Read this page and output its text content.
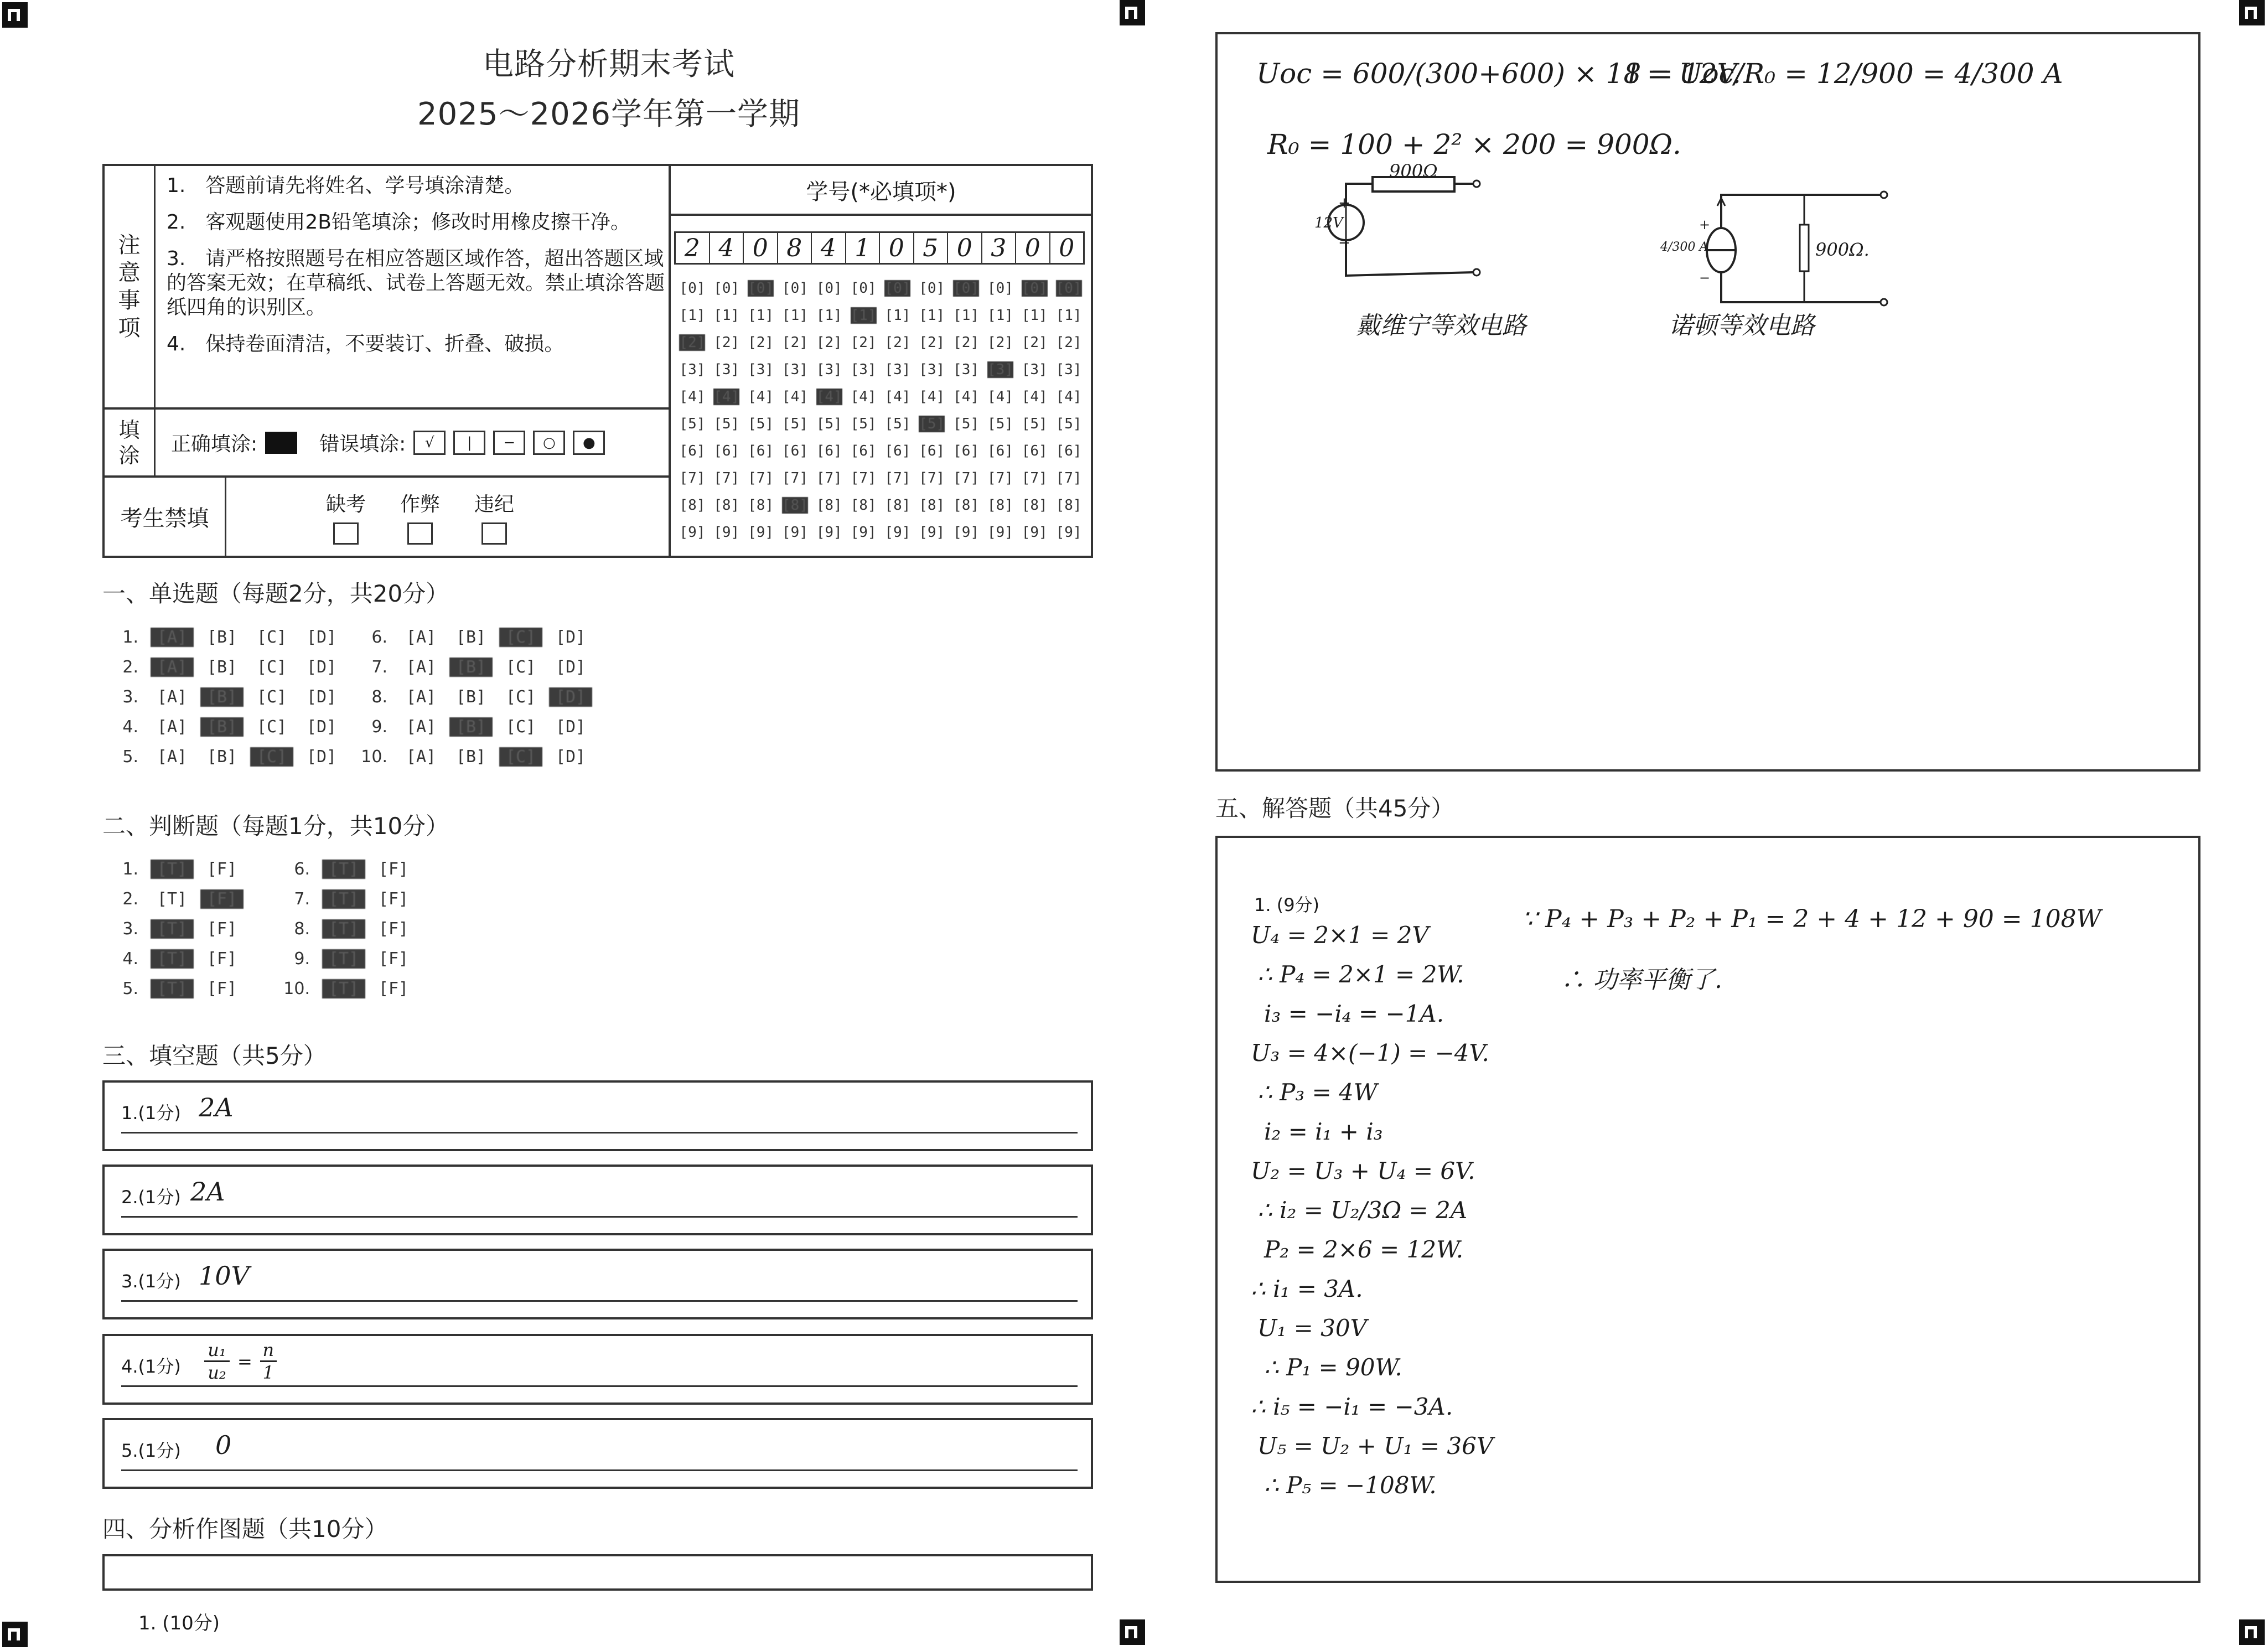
电路分析期末考试
2025～2026学年第一学期
注
意
事
项

1.　答题前请先将姓名、学号填涂清楚。

2.　客观题使用2B铅笔填涂；修改时用橡皮擦干净。

3.　请严格按照题号在相应答题区域作答，超出答题区域的答案无效；在草稿纸、试卷上答题无效。禁止填涂答题纸四角的识别区。

4.　保持卷面清洁，不要装订、折叠、破损。

填
涂 正确填涂:	错误填涂:	√	|	−	○	●
考生禁填
缺考 作弊 违纪
学号(*必填项*)
2 4 0 8 4 1 0 5 0 3 0 0
[0] [0] [0] [0] [0] [0] [0] [0] [0] [0] [0] [0]
[1] [1] [1] [1] [1] [1] [1] [1] [1] [1] [1] [1]
[2] [2] [2] [2] [2] [2] [2] [2] [2] [2] [2] [2]
[3] [3] [3] [3] [3] [3] [3] [3] [3] [3] [3] [3]
[4] [4] [4] [4] [4] [4] [4] [4] [4] [4] [4] [4]
[5] [5] [5] [5] [5] [5] [5] [5] [5] [5] [5] [5]
[6] [6] [6] [6] [6] [6] [6] [6] [6] [6] [6] [6]
[7] [7] [7] [7] [7] [7] [7] [7] [7] [7] [7] [7]
[8] [8] [8] [8] [8] [8] [8] [8] [8] [8] [8] [8]
[9] [9] [9] [9] [9] [9] [9] [9] [9] [9] [9] [9]
一、单选题（每题2分，共20分）
1.	[A]	[B]	[C]	[D]
2.	[A]	[B]	[C]	[D]
3.	[A]	[B]	[C]	[D]
4.	[A]	[B]	[C]	[D]
5.	[A]	[B]	[C]	[D]
6.	[A]	[B]	[C]	[D]
7.	[A]	[B]	[C]	[D]
8.	[A]	[B]	[C]	[D]
9.	[A]	[B]	[C]	[D]
10.	[A]	[B]	[C]	[D]
二、判断题（每题1分，共10分）
1.	[T]	[F]
2.	[T]	[F]
3.	[T]	[F]
4.	[T]	[F]
5.	[T]	[F]
6.	[T]	[F]
7.	[T]	[F]
8.	[T]	[F]
9.	[T]	[F]
10.	[T]	[F]
三、填空题（共5分）
1.(1分) 2A
2.(1分) 2A
3.(1分) 10V
4.(1分)
u₁
u₂
=
n
1
5.(1分) 0
四、分析作图题（共10分）
1. (10分)
Uoc = 600/(300+600) × 18 = 12V.
I = Uoc/R₀ = 12/900 = 4/300 A
R₀ = 100 + 2² × 200 = 900Ω.
900Ω
12V
+
−
戴维宁等效电路
4/300 A
+
−
900Ω.
诺顿等效电路
五、解答题（共45分）
1. (9分)
U₄ = 2×1 = 2V
∴ P₄ = 2×1 = 2W.
i₃ = −i₄ = −1A.
U₃ = 4×(−1) = −4V.
∴ P₃ = 4W
i₂ = i₁ + i₃
U₂ = U₃ + U₄ = 6V.
∴ i₂ = U₂/3Ω = 2A
P₂ = 2×6 = 12W.
∴ i₁ = 3A.
U₁ = 30V
∴ P₁ = 90W.
∴ i₅ = −i₁ = −3A.
U₅ = U₂ + U₁ = 36V
∴ P₅ = −108W.
∵ P₄ + P₃ + P₂ + P₁ = 2 + 4 + 12 + 90 = 108W
∴ 功率平衡了.
